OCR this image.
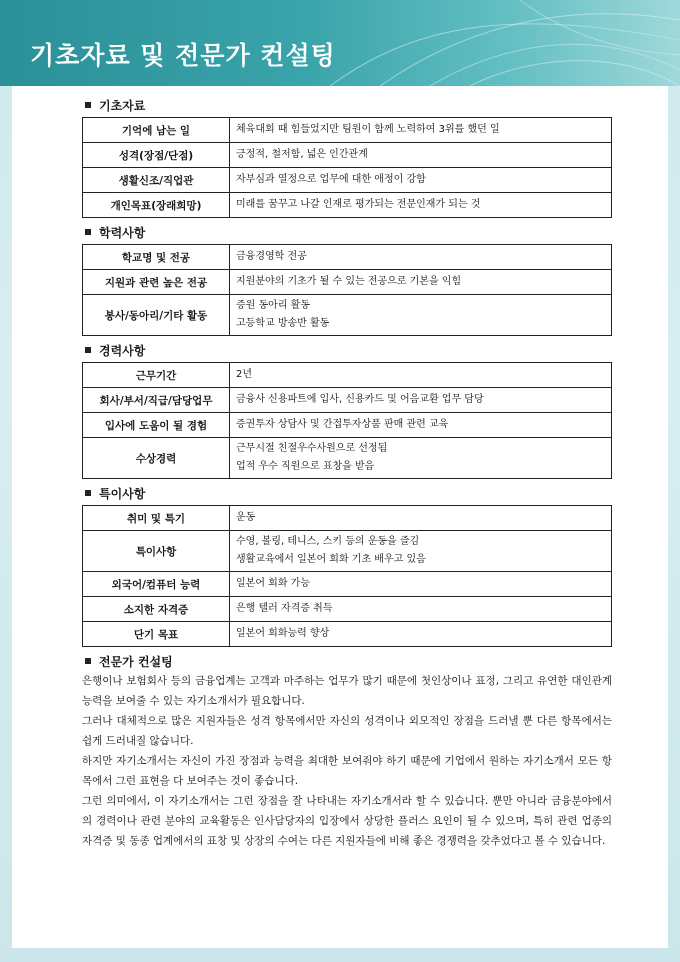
기초자료 및 전문가 컨설팅
기초자료
기억에 남는 일	체육대회 때 힘들었지만 팀원이 함께 노력하여 3위를 했던 일
성격(장점/단점)	긍정적, 철저함, 넓은 인간관계
생활신조/직업관	자부심과 열정으로 업무에 대한 애정이 강함
개인목표(장래희망)	미래를 꿈꾸고 나갈 인재로 평가되는 전문인재가 되는 것
학력사항
학교명 및 전공	금융경영학 전공

지원과 관련 높은 전공	지원분야의 기초가 될 수 있는 전공으로 기본을 익힘

봉사/동아리/기타 활동	증원 동아리 활동
고등학교 방송반 활동
경력사항
근무기간	2년

회사/부서/직급/담당업무	금융사 신용파트에 입사, 신용카드 및 어음교환 업무 담당

입사에 도움이 될 경험	증권투자 상담사 및 간접투자상품 판매 관련 교육

수상경력	근무시절 친절우수사원으로 선정됨
업적 우수 직원으로 표창을 받음
특이사항
취미 및 특기	운동

특이사항	수영, 볼링, 테니스, 스키 등의 운동을 즐김
생활교육에서 일본어 회화 기초 배우고 있음

외국어/컴퓨터 능력	일본어 회화 가능

소지한 자격증	은행 텔러 자격증 취득

단기 목표	일본어 회화능력 향상
전문가 컨설팅

은행이나 보험회사 등의 금융업계는 고객과 마주하는 업무가 많기 때문에 첫인상이나 표정, 그리고 유연한 대인관계 능력을 보여줄 수 있는 자기소개서가 필요합니다.

그러나 대체적으로 많은 지원자들은 성격 항목에서만 자신의 성격이나 외모적인 장점을 드러낼 뿐 다른 항목에서는 쉽게 드러내질 않습니다.

하지만 자기소개서는 자신이 가진 장점과 능력을 최대한 보여줘야 하기 때문에 기업에서 원하는 자기소개서 모든 항목에서 그런 표현을 다 보여주는 것이 좋습니다.

그런 의미에서, 이 자기소개서는 그런 장점을 잘 나타내는 자기소개서라 할 수 있습니다. 뿐만 아니라 금융분야에서의 경력이나 관련 분야의 교육활동은 인사담당자의 입장에서 상당한 플러스 요인이 될 수 있으며, 특히 관련 업종의 자격증 및 동종 업계에서의 표창 및 상장의 수여는 다른 지원자들에 비해 좋은 경쟁력을 갖추었다고 볼 수 있습니다.
